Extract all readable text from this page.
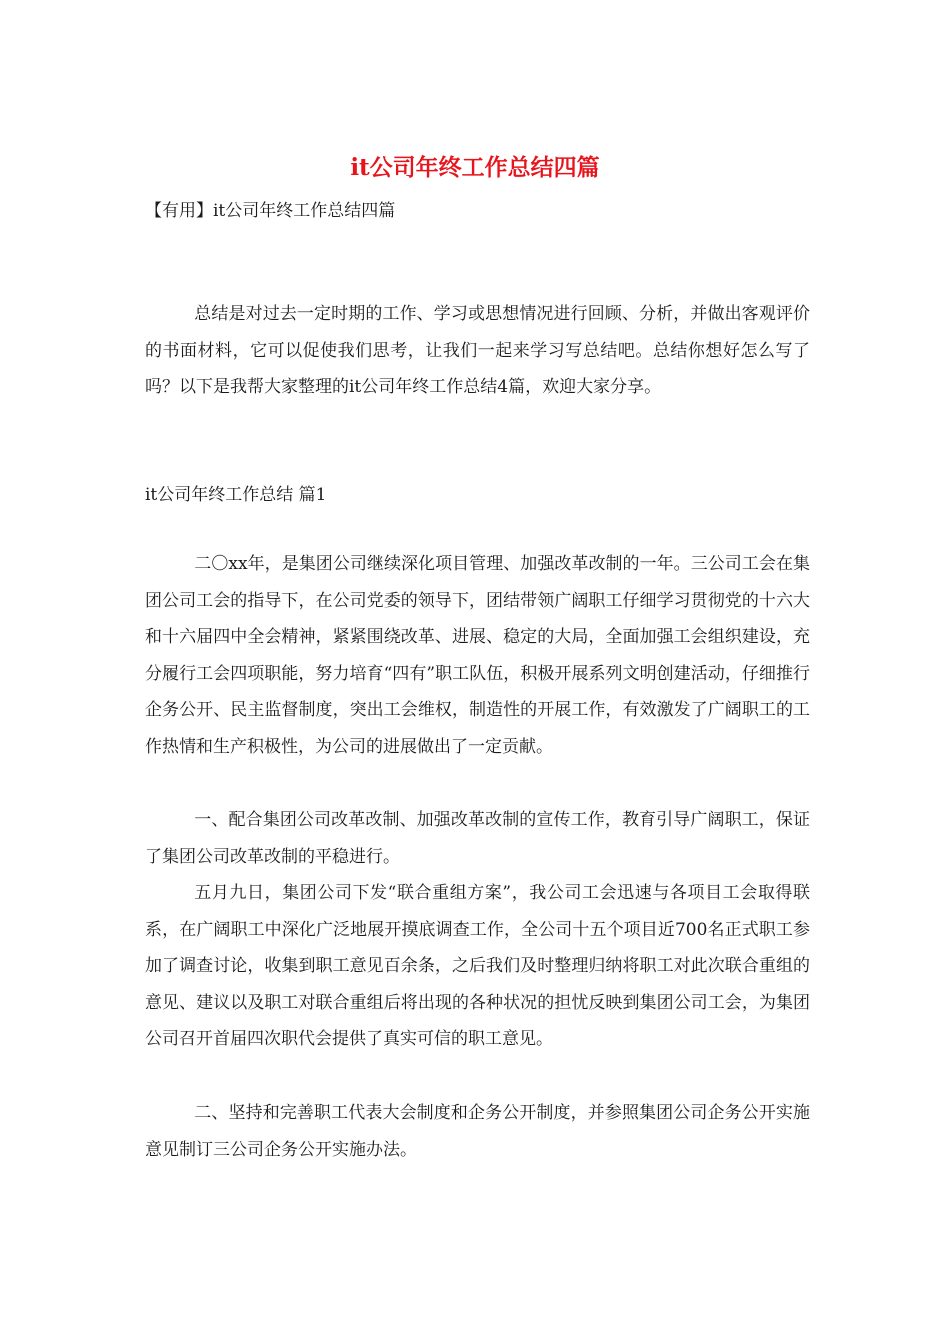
it公司年终工作总结四篇

【有用】it公司年终工作总结四篇

总结是对过去一定时期的工作、学习或思想情况进行回顾、分析，并做出客观评价的书面材料，它可以促使我们思考，让我们一起来学习写总结吧。总结你想好怎么写了吗？以下是我帮大家整理的it公司年终工作总结4篇，欢迎大家分享。

it公司年终工作总结 篇1

二〇xx年，是集团公司继续深化项目管理、加强改革改制的一年。三公司工会在集团公司工会的指导下，在公司党委的领导下，团结带领广阔职工仔细学习贯彻党的十六大和十六届四中全会精神，紧紧围绕改革、进展、稳定的大局，全面加强工会组织建设，充分履行工会四项职能，努力培育“四有”职工队伍，积极开展系列文明创建活动，仔细推行企务公开、民主监督制度，突出工会维权，制造性的开展工作，有效激发了广阔职工的工作热情和生产积极性，为公司的进展做出了一定贡献。

一、配合集团公司改革改制、加强改革改制的宣传工作，教育引导广阔职工，保证了集团公司改革改制的平稳进行。

五月九日，集团公司下发“联合重组方案”，我公司工会迅速与各项目工会取得联系，在广阔职工中深化广泛地展开摸底调查工作，全公司十五个项目近700名正式职工参加了调查讨论，收集到职工意见百余条，之后我们及时整理归纳将职工对此次联合重组的意见、建议以及职工对联合重组后将出现的各种状况的担忧反映到集团公司工会，为集团公司召开首届四次职代会提供了真实可信的职工意见。

二、坚持和完善职工代表大会制度和企务公开制度，并参照集团公司企务公开实施意见制订三公司企务公开实施办法。
